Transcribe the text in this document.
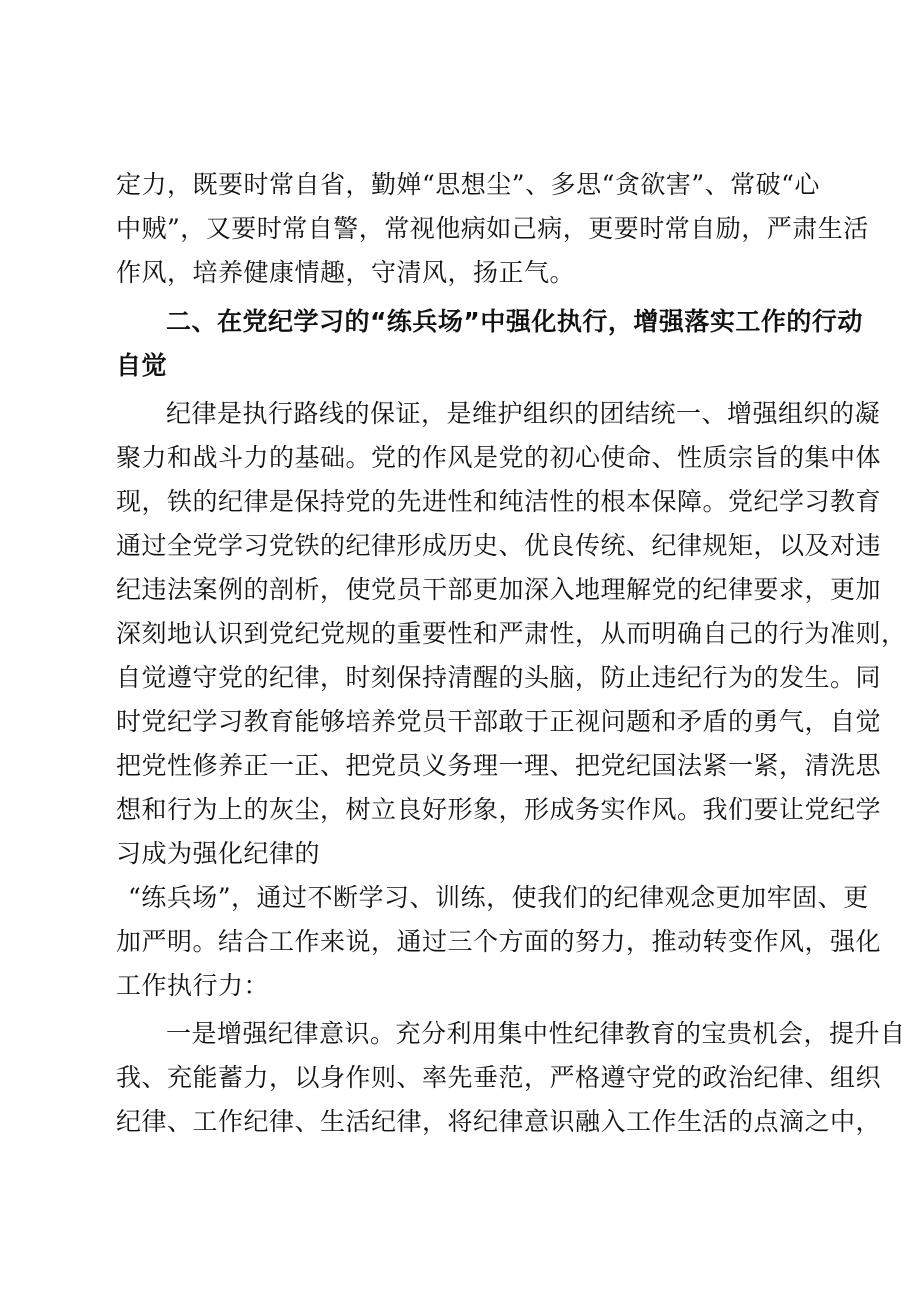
定力，既要时常自省，勤婵“思想尘”、多思“贪欲害”、常破“心
中贼”，又要时常自警，常视他病如己病，更要时常自励，严肃生活
作风，培养健康情趣，守清风，扬正气。
二、在党纪学习的“练兵场”中强化执行，增强落实工作的行动
自觉
纪律是执行路线的保证，是维护组织的团结统一、增强组织的凝
聚力和战斗力的基础。党的作风是党的初心使命、性质宗旨的集中体
现，铁的纪律是保持党的先进性和纯洁性的根本保障。党纪学习教育
通过全党学习党铁的纪律形成历史、优良传统、纪律规矩，以及对违
纪违法案例的剖析，使党员干部更加深入地理解党的纪律要求，更加
深刻地认识到党纪党规的重要性和严肃性，从而明确自己的行为准则，
自觉遵守党的纪律，时刻保持清醒的头脑，防止违纪行为的发生。同
时党纪学习教育能够培养党员干部敢于正视问题和矛盾的勇气，自觉
把党性修养正一正、把党员义务理一理、把党纪国法紧一紧，清洗思
想和行为上的灰尘，树立良好形象，形成务实作风。我们要让党纪学
习成为强化纪律的
“练兵场”，通过不断学习、训练，使我们的纪律观念更加牢固、更
加严明。结合工作来说，通过三个方面的努力，推动转变作风，强化
工作执行力：
一是增强纪律意识。充分利用集中性纪律教育的宝贵机会，提升自
我、充能蓄力，以身作则、率先垂范，严格遵守党的政治纪律、组织
纪律、工作纪律、生活纪律，将纪律意识融入工作生活的点滴之中，
